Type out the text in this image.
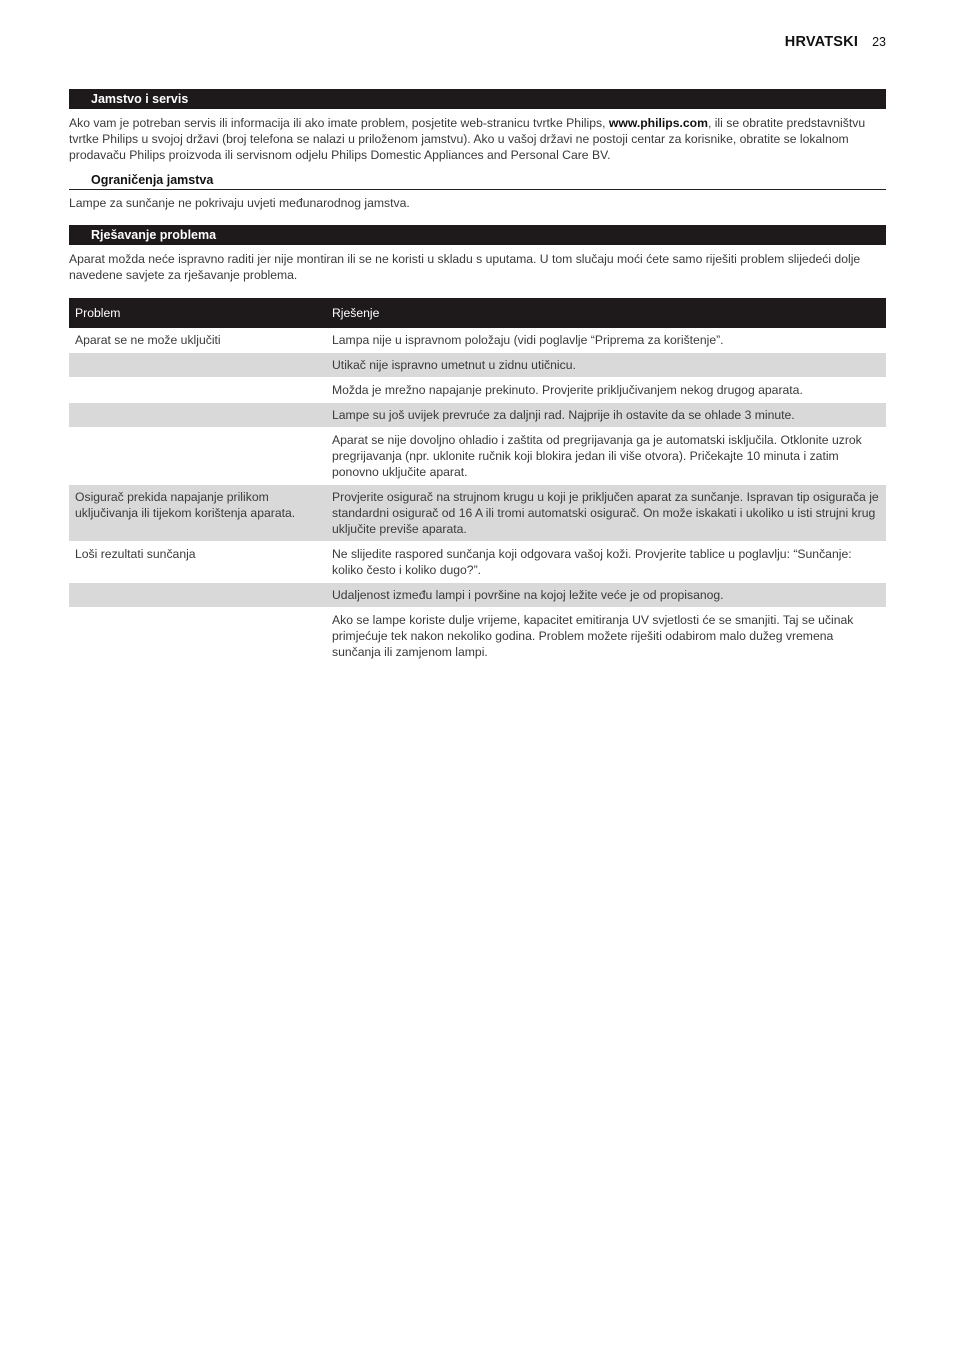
HRVATSKI 23
Jamstvo i servis
Ako vam je potreban servis ili informacija ili ako imate problem, posjetite web-stranicu tvrtke Philips, www.philips.com, ili se obratite predstavništvu tvrtke Philips u svojoj državi (broj telefona se nalazi u priloženom jamstvu). Ako u vašoj državi ne postoji centar za korisnike, obratite se lokalnom prodavaču Philips proizvoda ili servisnom odjelu Philips Domestic Appliances and Personal Care BV.
Ograničenja jamstva
Lampe za sunčanje ne pokrivaju uvjeti međunarodnog jamstva.
Rješavanje problema
Aparat možda neće ispravno raditi jer nije montiran ili se ne koristi u skladu s uputama. U tom slučaju moći ćete samo riješiti problem slijedeći dolje navedene savjete za rješavanje problema.
Problem	Rješenje
Aparat se ne može uključiti	Lampa nije u ispravnom položaju (vidi poglavlje “Priprema za korištenje”.
	Utikač nije ispravno umetnut u zidnu utičnicu.
	Možda je mrežno napajanje prekinuto. Provjerite priključivanjem nekog drugog aparata.
	Lampe su još uvijek prevruće za daljnji rad. Najprije ih ostavite da se ohlade 3 minute.
	Aparat se nije dovoljno ohladio i zaštita od pregrijavanja ga je automatski isključila. Otklonite uzrok pregrijavanja (npr. uklonite ručnik koji blokira jedan ili više otvora). Pričekajte 10 minuta i zatim ponovno uključite aparat.
Osigurač prekida napajanje prilikom uključivanja ili tijekom korištenja aparata.	Provjerite osigurač na strujnom krugu u koji je priključen aparat za sunčanje. Ispravan tip osigurača je standardni osigurač od 16 A ili tromi automatski osigurač. On može iskakati i ukoliko u isti strujni krug uključite previše aparata.
Loši rezultati sunčanja	Ne slijedite raspored sunčanja koji odgovara vašoj koži. Provjerite tablice u poglavlju: “Sunčanje: koliko često i koliko dugo?”.
	Udaljenost između lampi i površine na kojoj ležite veće je od propisanog.
	Ako se lampe koriste dulje vrijeme, kapacitet emitiranja UV svjetlosti će se smanjiti. Taj se učinak primjećuje tek nakon nekoliko godina. Problem možete riješiti odabirom malo dužeg vremena sunčanja ili zamjenom lampi.
